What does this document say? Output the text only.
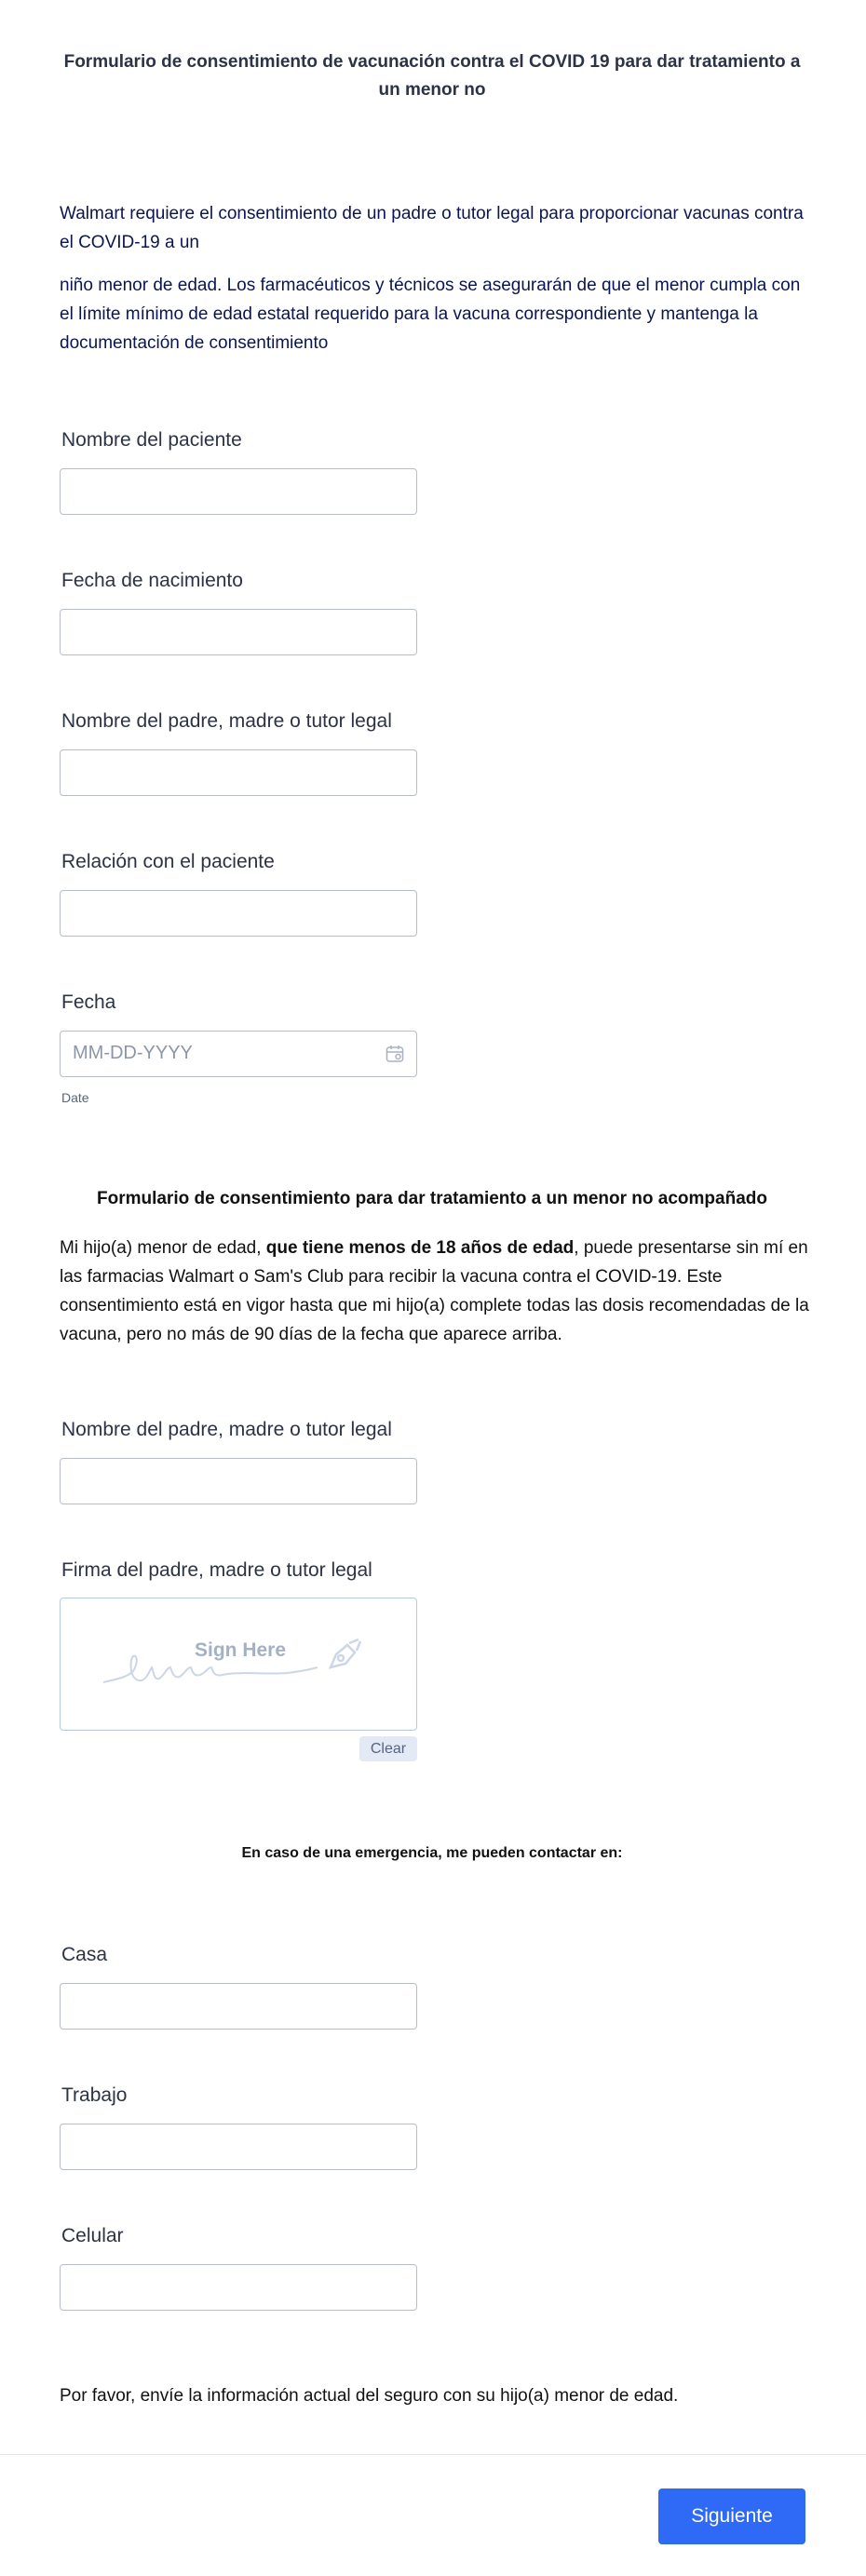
Formulario de consentimiento de vacunación contra el COVID 19 para dar tratamiento a un menor no

Walmart requiere el consentimiento de un padre o tutor legal para proporcionar vacunas contra el COVID-19 a un

niño menor de edad. Los farmacéuticos y técnicos se asegurarán de que el menor cumpla con el límite mínimo de edad estatal requerido para la vacuna correspondiente y mantenga la documentación de consentimiento

Nombre del paciente
Fecha de nacimiento
Nombre del padre, madre o tutor legal
Relación con el paciente
Fecha
MM-DD-YYYY
Date
Formulario de consentimiento para dar tratamiento a un menor no acompañado

Mi hijo(a) menor de edad, que tiene menos de 18 años de edad, puede presentarse sin mí en las farmacias Walmart o Sam's Club para recibir la vacuna contra el COVID-19. Este consentimiento está en vigor hasta que mi hijo(a) complete todas las dosis recomendadas de la vacuna, pero no más de 90 días de la fecha que aparece arriba.

Nombre del padre, madre o tutor legal
Firma del padre, madre o tutor legal
Sign Here
Clear
En caso de una emergencia, me pueden contactar en:
Casa
Trabajo
Celular

Por favor, envíe la información actual del seguro con su hijo(a) menor de edad.

Siguiente
